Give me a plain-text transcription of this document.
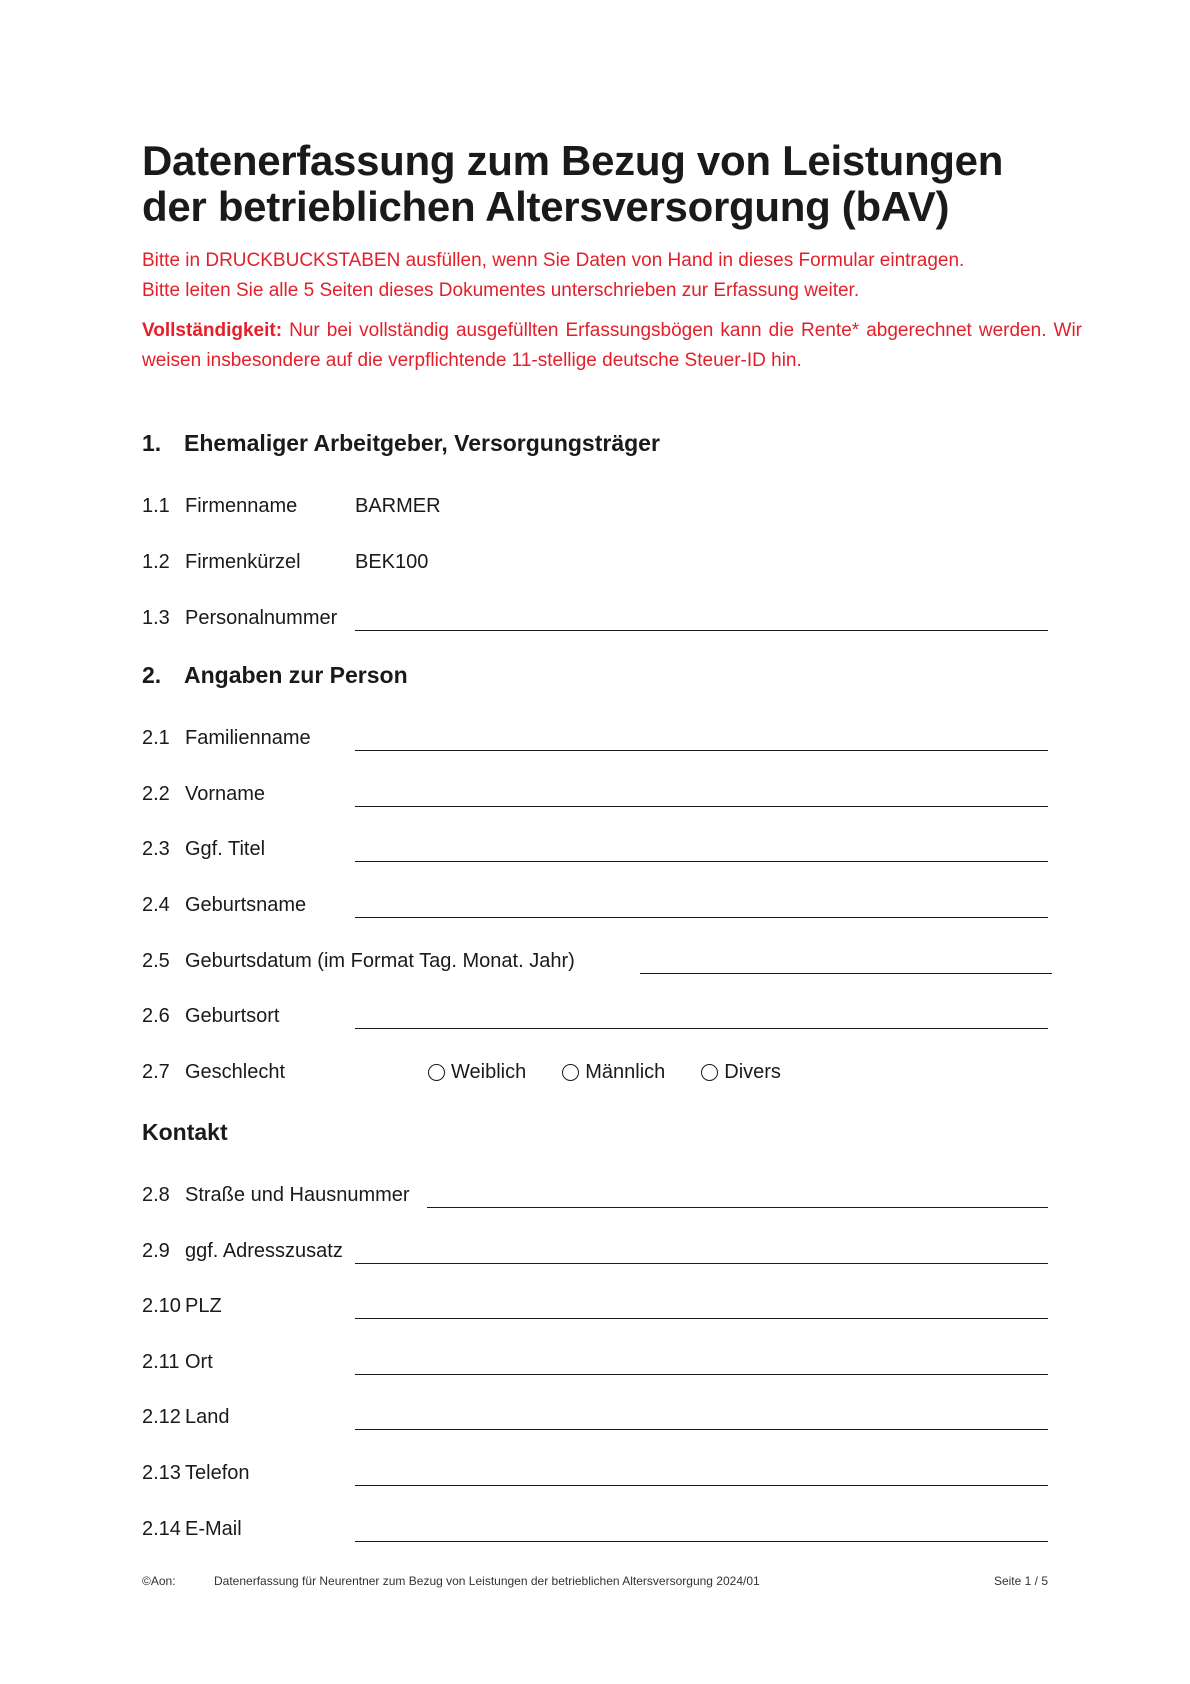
Datenerfassung zum Bezug von Leistungen
der betrieblichen Altersversorgung (bAV)

Bitte in DRUCKBUCKSTABEN ausfüllen, wenn Sie Daten von Hand in dieses Formular eintragen.

Bitte leiten Sie alle 5 Seiten dieses Dokumentes unterschrieben zur Erfassung weiter.

Vollständigkeit: Nur bei vollständig ausgefüllten Erfassungsbögen kann die Rente* abgerechnet werden. Wir weisen insbesondere auf die verpflichtende 11-stellige deutsche Steuer-ID hin.

1. Ehemaliger Arbeitgeber, Versorgungsträger
1.1 Firmenname	BARMER
1.2 Firmenkürzel	BEK100
1.3 Personalnummer
2. Angaben zur Person
2.1 Familienname
2.2 Vorname
2.3 Ggf. Titel
2.4 Geburtsname
2.5 Geburtsdatum (im Format Tag. Monat. Jahr)
2.6 Geburtsort
2.7 Geschlecht	Weiblich	Männlich	Divers
Kontakt
2.8 Straße und Hausnummer
2.9 ggf. Adresszusatz
2.10 PLZ
2.11 Ort
2.12 Land
2.13 Telefon
2.14 E-Mail
©Aon:	Datenerfassung für Neurentner zum Bezug von Leistungen der betrieblichen Altersversorgung 2024/01	Seite 1 / 5
